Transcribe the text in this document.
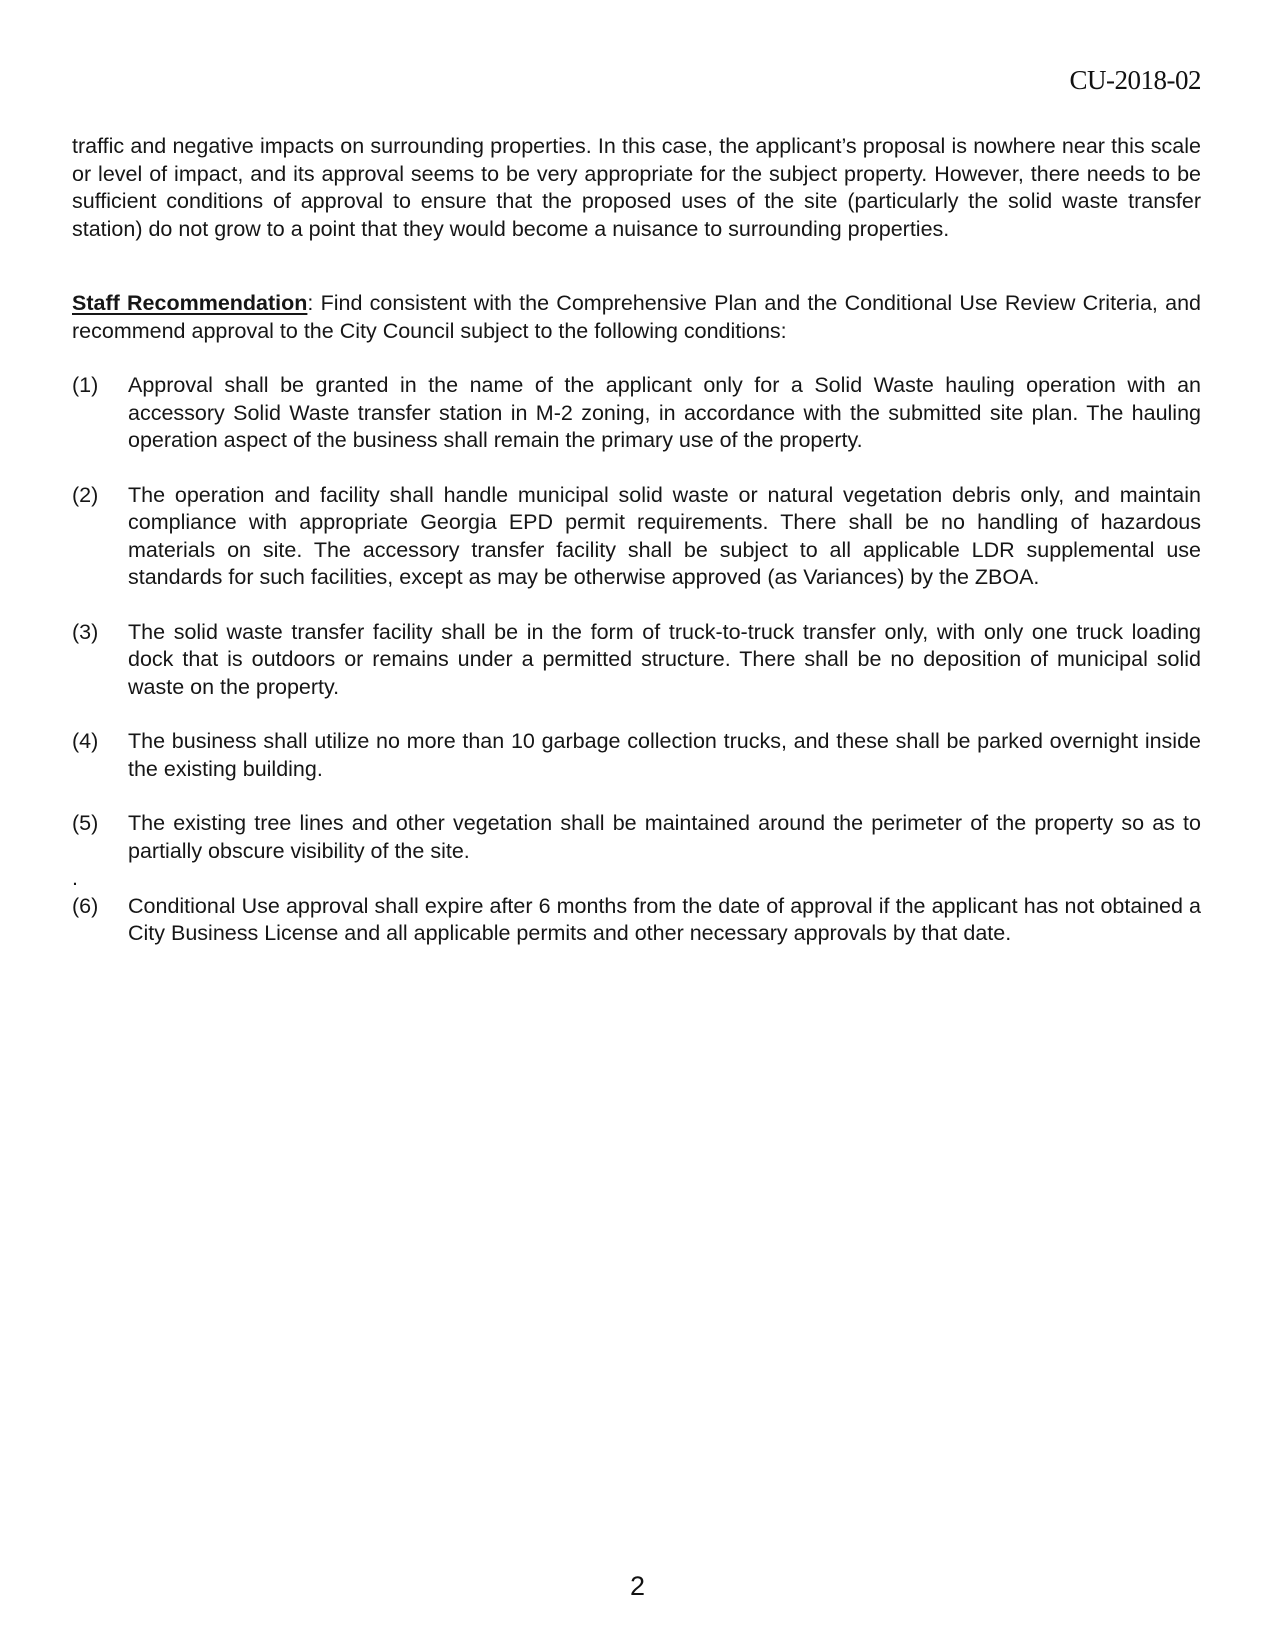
CU-2018-02

traffic and negative impacts on surrounding properties. In this case, the applicant’s proposal is nowhere near this scale or level of impact, and its approval seems to be very appropriate for the subject property. However, there needs to be sufficient conditions of approval to ensure that the proposed uses of the site (particularly the solid waste transfer station) do not grow to a point that they would become a nuisance to surrounding properties.

Staff Recommendation: Find consistent with the Comprehensive Plan and the Conditional Use Review Criteria, and recommend approval to the City Council subject to the following conditions:

(1) Approval shall be granted in the name of the applicant only for a Solid Waste hauling operation with an accessory Solid Waste transfer station in M-2 zoning, in accordance with the submitted site plan. The hauling operation aspect of the business shall remain the primary use of the property.
(2) The operation and facility shall handle municipal solid waste or natural vegetation debris only, and maintain compliance with appropriate Georgia EPD permit requirements. There shall be no handling of hazardous materials on site. The accessory transfer facility shall be subject to all applicable LDR supplemental use standards for such facilities, except as may be otherwise approved (as Variances) by the ZBOA.
(3) The solid waste transfer facility shall be in the form of truck-to-truck transfer only, with only one truck loading dock that is outdoors or remains under a permitted structure. There shall be no deposition of municipal solid waste on the property.
(4) The business shall utilize no more than 10 garbage collection trucks, and these shall be parked overnight inside the existing building.
(5) The existing tree lines and other vegetation shall be maintained around the perimeter of the property so as to partially obscure visibility of the site.
.
(6) Conditional Use approval shall expire after 6 months from the date of approval if the applicant has not obtained a City Business License and all applicable permits and other necessary approvals by that date.
2
